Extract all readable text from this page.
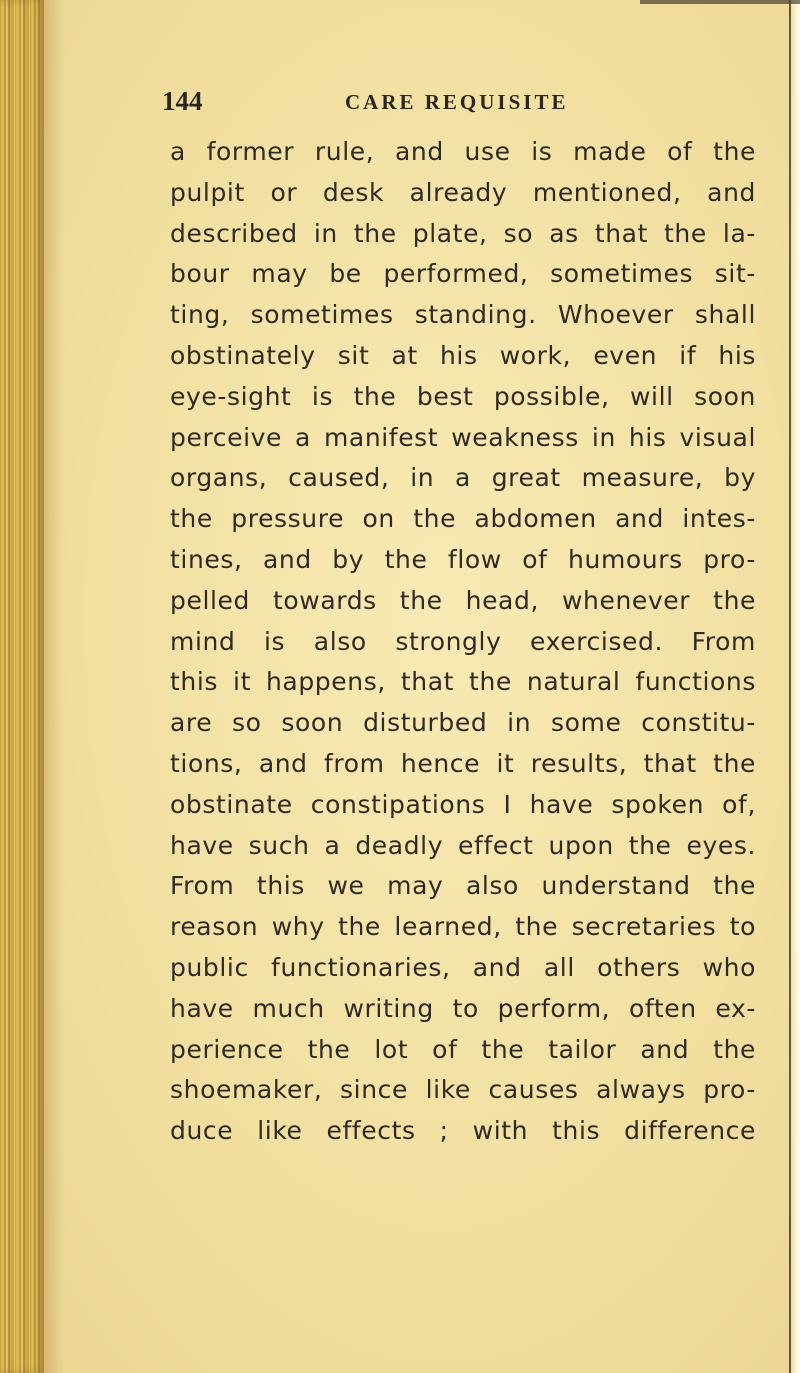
144	CARE REQUISITE
a former rule, and use is made of the
pulpit or desk already mentioned, and
described in the plate, so as that the la-
bour may be performed, sometimes sit-
ting, sometimes standing. Whoever shall
obstinately sit at his work, even if his
eye-sight is the best possible, will soon
perceive a manifest weakness in his visual
organs, caused, in a great measure, by
the pressure on the abdomen and intes-
tines, and by the flow of humours pro-
pelled towards the head, whenever the
mind is also strongly exercised. From
this it happens, that the natural functions
are so soon disturbed in some constitu-
tions, and from hence it results, that the
obstinate constipations I have spoken of,
have such a deadly effect upon the eyes.
From this we may also understand the
reason why the learned, the secretaries to
public functionaries, and all others who
have much writing to perform, often ex-
perience the lot of the tailor and the
shoemaker, since like causes always pro-
duce like effects ; with this difference
